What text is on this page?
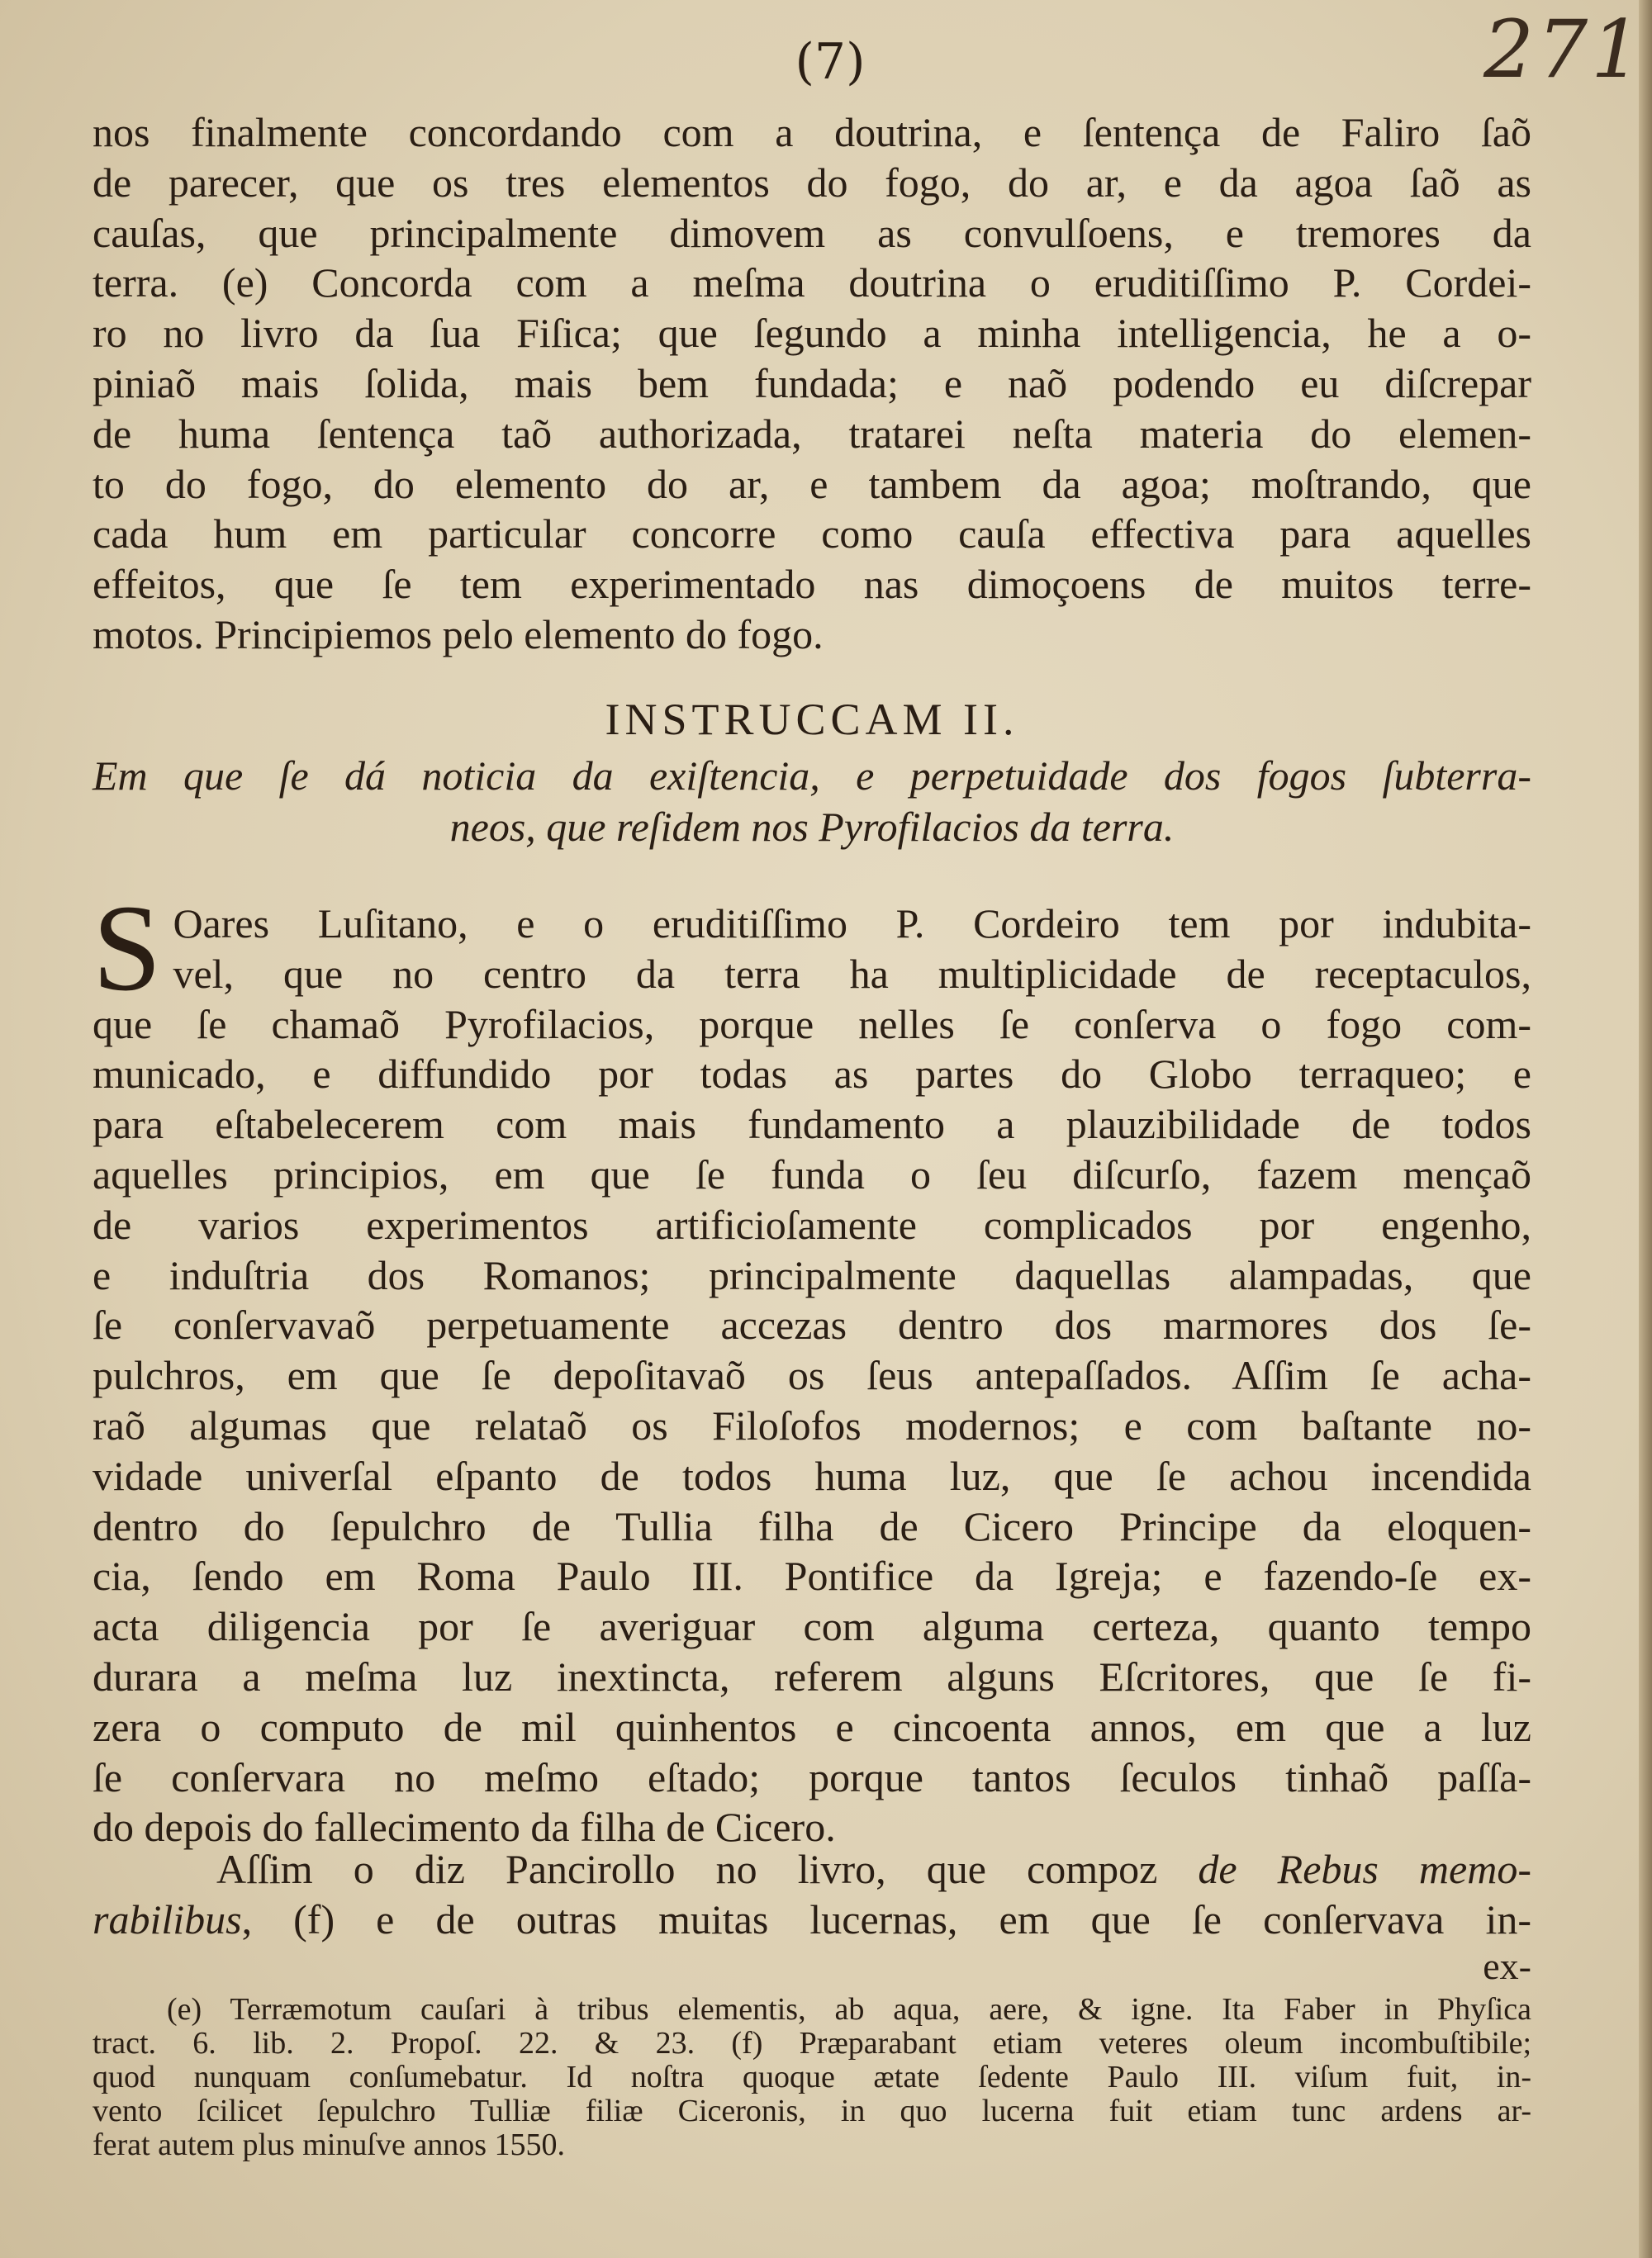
(7)	271

nos finalmente concordando com a doutrina, e ſentença de Faliro ſaõ

de parecer, que os tres elementos do fogo, do ar, e da agoa ſaõ as

cauſas, que principalmente dimovem as convulſoens, e tremores da

terra. (e) Concorda com a meſma doutrina o eruditiſſimo P. Cordei-

ro no livro da ſua Fiſica; que ſegundo a minha intelligencia, he a o-

piniaõ mais ſolida, mais bem fundada; e naõ podendo eu diſcrepar

de huma ſentença taõ authorizada, tratarei neſta materia do elemen-

to do fogo, do elemento do ar, e tambem da agoa; moſtrando, que

cada hum em particular concorre como cauſa effectiva para aquelles

effeitos, que ſe tem experimentado nas dimoçoens de muitos terre-

motos. Principiemos pelo elemento do fogo.

INSTRUCCAM II.

Em que ſe dá noticia da exiſtencia, e perpetuidade dos fogos ſubterra-

neos, que reſidem nos Pyrofilacios da terra.

S Oares Luſitano, e o eruditiſſimo P. Cordeiro tem por indubita-

vel, que no centro da terra ha multiplicidade de receptaculos,

que ſe chamaõ Pyrofilacios, porque nelles ſe conſerva o fogo com-

municado, e diffundido por todas as partes do Globo terraqueo; e

para eſtabelecerem com mais fundamento a plauzibilidade de todos

aquelles principios, em que ſe funda o ſeu diſcurſo, fazem mençaõ

de varios experimentos artificioſamente complicados por engenho,

e induſtria dos Romanos; principalmente daquellas alampadas, que

ſe conſervavaõ perpetuamente accezas dentro dos marmores dos ſe-

pulchros, em que ſe depoſitavaõ os ſeus antepaſſados. Aſſim ſe acha-

raõ algumas que relataõ os Filoſofos modernos; e com baſtante no-

vidade univerſal eſpanto de todos huma luz, que ſe achou incendida

dentro do ſepulchro de Tullia filha de Cicero Principe da eloquen-

cia, ſendo em Roma Paulo III. Pontifice da Igreja; e fazendo-ſe ex-

acta diligencia por ſe averiguar com alguma certeza, quanto tempo

durara a meſma luz inextincta, referem alguns Eſcritores, que ſe fi-

zera o computo de mil quinhentos e cincoenta annos, em que a luz

ſe conſervara no meſmo eſtado; porque tantos ſeculos tinhaõ paſſa-

do depois do fallecimento da filha de Cicero.

Aſſim o diz Pancirollo no livro, que compoz de Rebus memo-

rabilibus, (f) e de outras muitas lucernas, em que ſe conſervava in-

ex-

(e) Terræmotum cauſari à tribus elementis, ab aqua, aere, & igne. Ita Faber in Phyſica

tract. 6. lib. 2. Propoſ. 22. & 23. (f) Præparabant etiam veteres oleum incombuſtibile;

quod nunquam conſumebatur. Id noſtra quoque ætate ſedente Paulo III. viſum fuit, in-

vento ſcilicet ſepulchro Tulliæ filiæ Ciceronis, in quo lucerna fuit etiam tunc ardens ar-

ferat autem plus minuſve annos 1550.
